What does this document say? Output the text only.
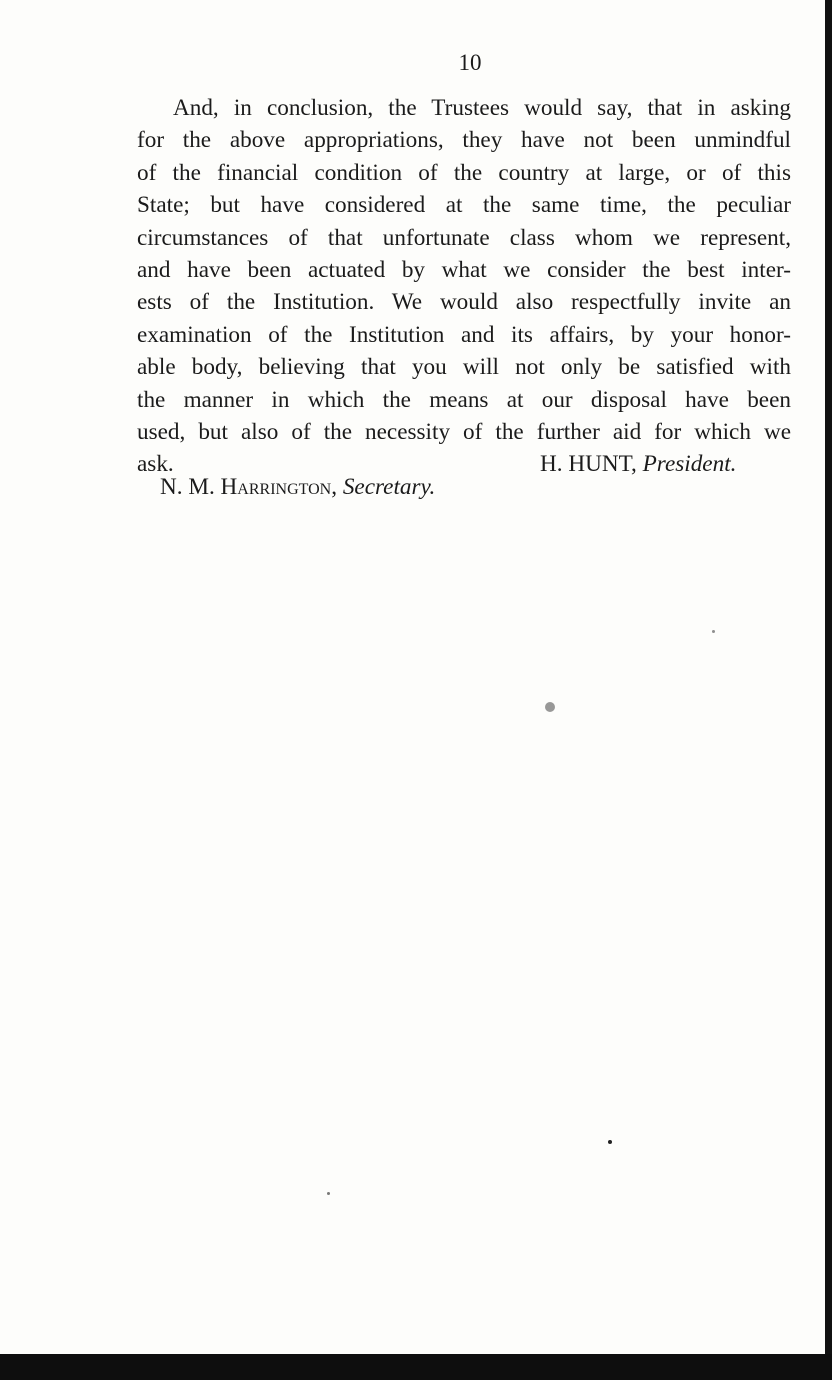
10
And, in conclusion, the Trustees would say, that in asking
for the above appropriations, they have not been unmindful
of the financial condition of the country at large, or of this
State; but have considered at the same time, the peculiar
circumstances of that unfortunate class whom we represent,
and have been actuated by what we consider the best inter-
ests of the Institution. We would also respectfully invite an
examination of the Institution and its affairs, by your honor-
able body, believing that you will not only be satisfied with
the manner in which the means at our disposal have been
used, but also of the necessity of the further aid for which we
ask.	H. HUNT, President.
N. M. Harrington, Secretary.
